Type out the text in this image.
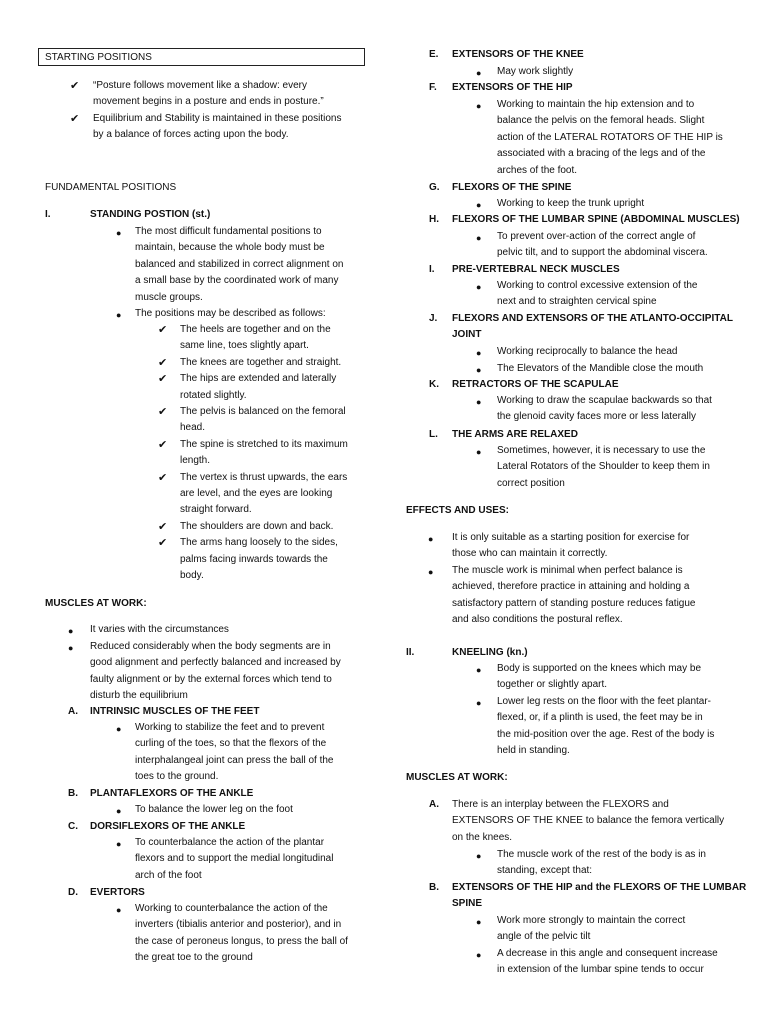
STARTING POSITIONS
✔ “Posture follows movement like a shadow: every
movement begins in a posture and ends in posture.”
✔ Equilibrium and Stability is maintained in these positions
by a balance of forces acting upon the body.
FUNDAMENTAL POSITIONS
I.	STANDING POSTION (st.)
● The most difficult fundamental positions to
maintain, because the whole body must be
balanced and stabilized in correct alignment on
a small base by the coordinated work of many
muscle groups.
● The positions may be described as follows:
✔ The heels are together and on the
same line, toes slightly apart.
✔ The knees are together and straight.
✔ The hips are extended and laterally
rotated slightly.
✔ The pelvis is balanced on the femoral
head.
✔ The spine is stretched to its maximum
length.
✔ The vertex is thrust upwards, the ears
are level, and the eyes are looking
straight forward.
✔ The shoulders are down and back.
✔ The arms hang loosely to the sides,
palms facing inwards towards the
body.
MUSCLES AT WORK:
● It varies with the circumstances
● Reduced considerably when the body segments are in
good alignment and perfectly balanced and increased by
faulty alignment or by the external forces which tend to
disturb the equilibrium
A. INTRINSIC MUSCLES OF THE FEET
● Working to stabilize the feet and to prevent
curling of the toes, so that the flexors of the
interphalangeal joint can press the ball of the
toes to the ground.
B. PLANTAFLEXORS OF THE ANKLE
● To balance the lower leg on the foot
C. DORSIFLEXORS OF THE ANKLE
● To counterbalance the action of the plantar
flexors and to support the medial longitudinal
arch of the foot
D. EVERTORS
● Working to counterbalance the action of the
inverters (tibialis anterior and posterior), and in
the case of peroneus longus, to press the ball of
the great toe to the ground
E. EXTENSORS OF THE KNEE
● May work slightly
F. EXTENSORS OF THE HIP
● Working to maintain the hip extension and to
balance the pelvis on the femoral heads. Slight
action of the LATERAL ROTATORS OF THE HIP is
associated with a bracing of the legs and of the
arches of the foot.
G. FLEXORS OF THE SPINE
● Working to keep the trunk upright
H. FLEXORS OF THE LUMBAR SPINE (ABDOMINAL MUSCLES)
● To prevent over-action of the correct angle of
pelvic tilt, and to support the abdominal viscera.
I. PRE-VERTEBRAL NECK MUSCLES
● Working to control excessive extension of the
next and to straighten cervical spine
J. FLEXORS AND EXTENSORS OF THE ATLANTO-OCCIPITAL
JOINT
● Working reciprocally to balance the head
● The Elevators of the Mandible close the mouth
K. RETRACTORS OF THE SCAPULAE
● Working to draw the scapulae backwards so that
the glenoid cavity faces more or less laterally
L. THE ARMS ARE RELAXED
● Sometimes, however, it is necessary to use the
Lateral Rotators of the Shoulder to keep them in
correct position
EFFECTS AND USES:
● It is only suitable as a starting position for exercise for
those who can maintain it correctly.
● The muscle work is minimal when perfect balance is
achieved, therefore practice in attaining and holding a
satisfactory pattern of standing posture reduces fatigue
and also conditions the postural reflex.
II.	KNEELING (kn.)
● Body is supported on the knees which may be
together or slightly apart.
● Lower leg rests on the floor with the feet plantar-
flexed, or, if a plinth is used, the feet may be in
the mid-position over the age. Rest of the body is
held in standing.
MUSCLES AT WORK:
A. There is an interplay between the FLEXORS and
EXTENSORS OF THE KNEE to balance the femora vertically
on the knees.
● The muscle work of the rest of the body is as in
standing, except that:
B. EXTENSORS OF THE HIP and the FLEXORS OF THE LUMBAR
SPINE
● Work more strongly to maintain the correct
angle of the pelvic tilt
● A decrease in this angle and consequent increase
in extension of the lumbar spine tends to occur
